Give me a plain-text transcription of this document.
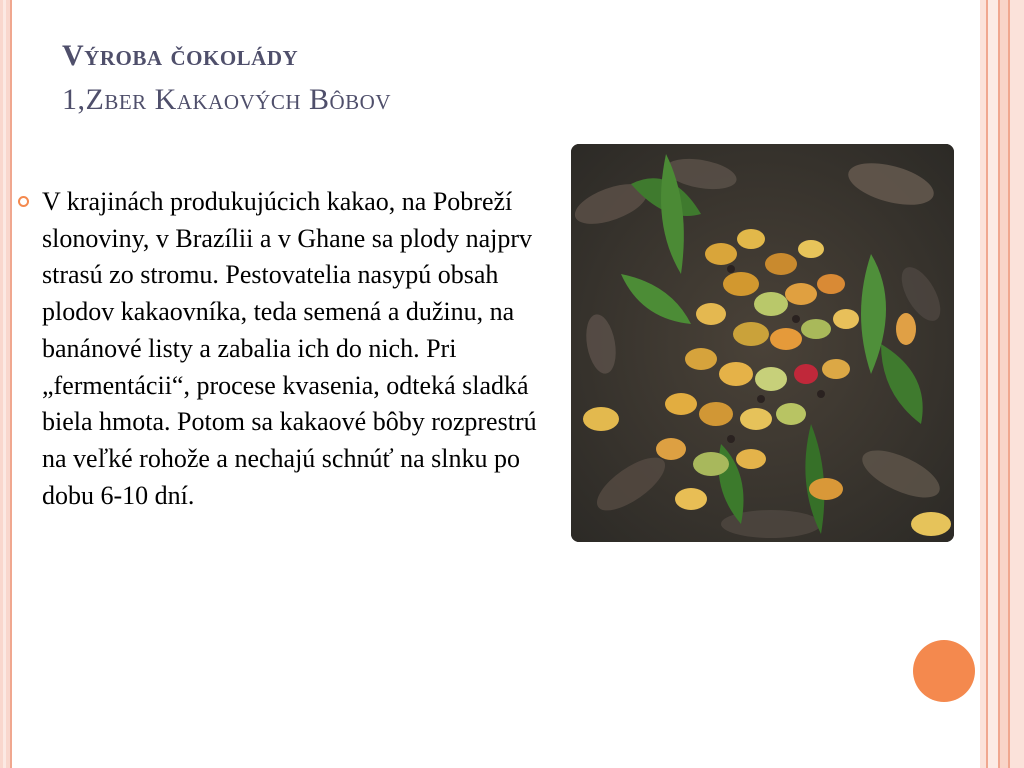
Výroba čokolády
1,Zber Kakaových Bôbov

V krajinách produkujúcich kakao, na Pobreží slonoviny, v Brazílii a v Ghane sa plody najprv strasú zo stromu. Pestovatelia nasypú obsah plodov kakaovníka, teda semená a dužinu, na banánové listy a zabalia ich do nich. Pri „fermentácii“, procese kvasenia, odteká sladká biela hmota. Potom sa kakaové bôby rozprestrú na veľké rohože a nechajú schnúť na slnku po dobu 6-10 dní.
